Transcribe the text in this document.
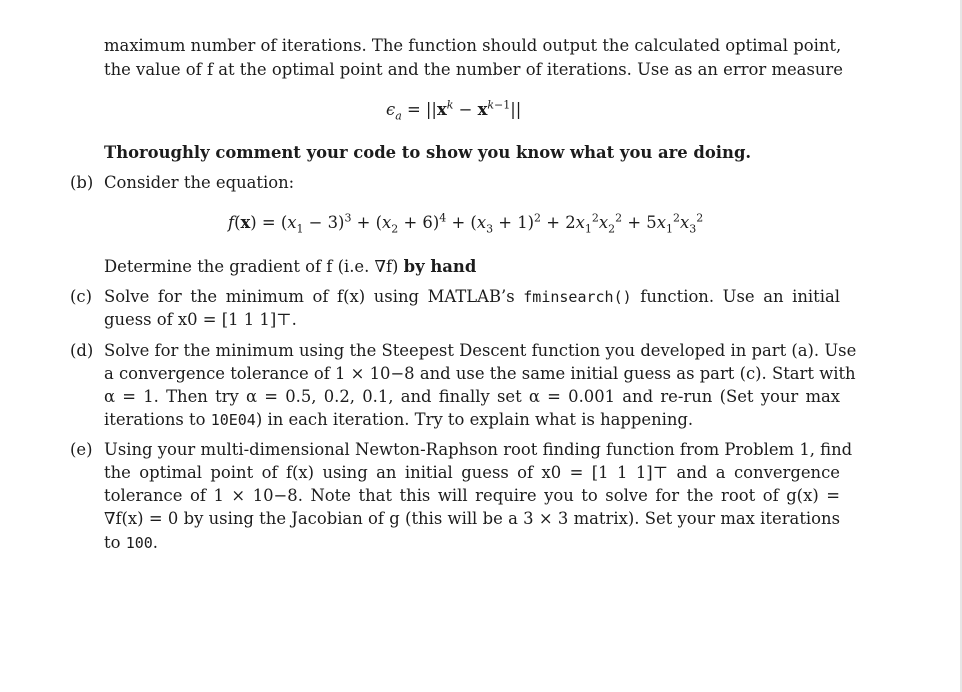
maximum number of iterations. The function should output the calculated optimal point,
the value of f at the optimal point and the number of iterations. Use as an error measure
$\epsilon_a = ||x^k - x^{k-1}||$
Thoroughly comment your code to show you know what you are doing.
(b) Consider the equation:
$f(x) = (x_1 - 3)^3 + (x_2 + 6)^4 + (x_3 + 1)^2 + 2x_1^2x_2^2 + 5x_1^2x_3^2$
Determine the gradient of f (i.e. ∇f) by hand
(c) Solve for the minimum of f(x) using MATLAB’s fminsearch() function. Use an initial
guess of x0 = [1 1 1]⊤.
(d) Solve for the minimum using the Steepest Descent function you developed in part (a). Use
a convergence tolerance of 1 × 10−8 and use the same initial guess as part (c). Start with
α = 1. Then try α = 0.5, 0.2, 0.1, and finally set α = 0.001 and re-run (Set your max
iterations to 10E04) in each iteration. Try to explain what is happening.
(e) Using your multi-dimensional Newton-Raphson root finding function from Problem 1, find
the optimal point of f(x) using an initial guess of x0 = [1 1 1]⊤ and a convergence
tolerance of 1 × 10−8. Note that this will require you to solve for the root of g(x) =
∇f(x) = 0 by using the Jacobian of g (this will be a 3 × 3 matrix). Set your max iterations
to 100.
